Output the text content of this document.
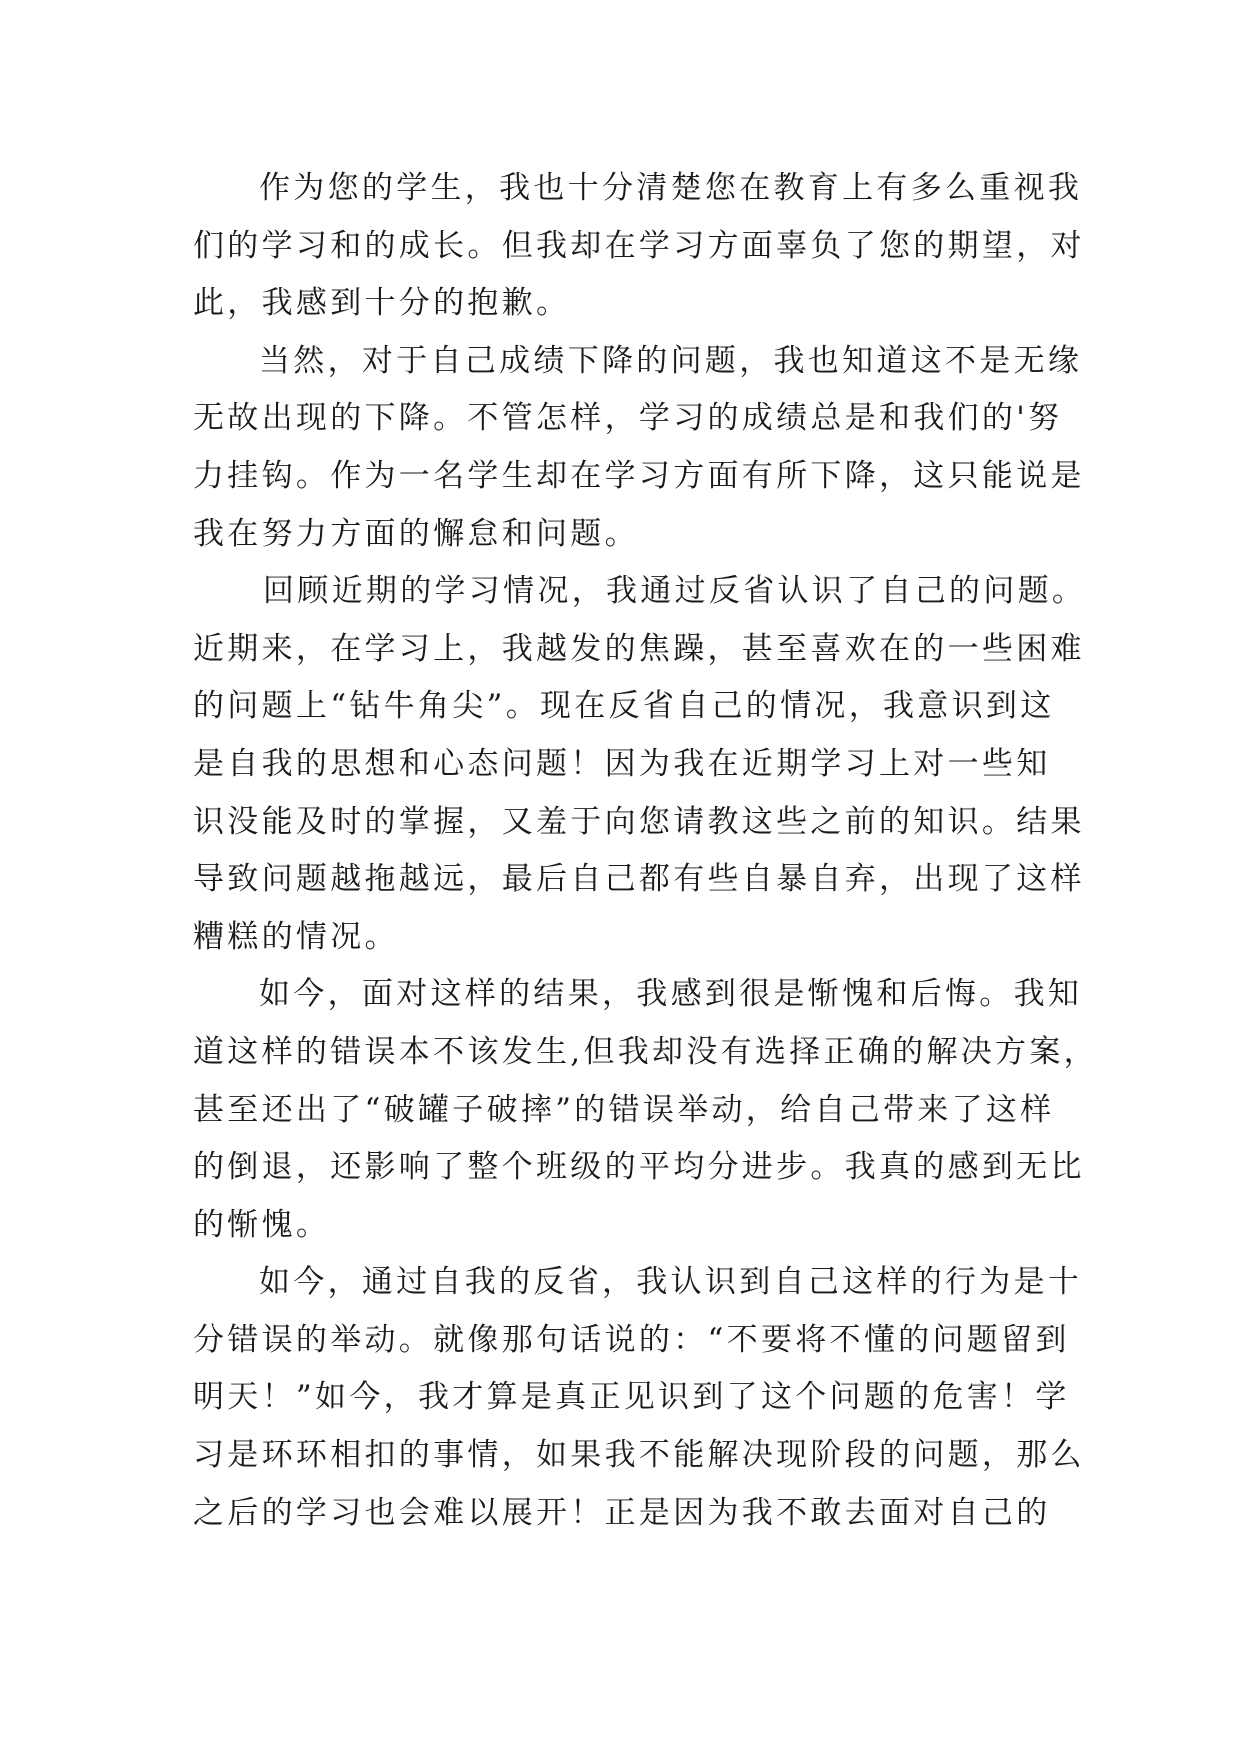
作为您的学生，我也十分清楚您在教育上有多么重视我
们的学习和的成长。但我却在学习方面辜负了您的期望，对
此，我感到十分的抱歉。
当然，对于自己成绩下降的问题，我也知道这不是无缘
无故出现的下降。不管怎样，学习的成绩总是和我们的'努
力挂钩。作为一名学生却在学习方面有所下降，这只能说是
我在努力方面的懈怠和问题。
回顾近期的学习情况，我通过反省认识了自己的问题。
近期来，在学习上，我越发的焦躁，甚至喜欢在的一些困难
的问题上“钻牛角尖”。现在反省自己的情况，我意识到这
是自我的思想和心态问题！因为我在近期学习上对一些知
识没能及时的掌握，又羞于向您请教这些之前的知识。结果
导致问题越拖越远，最后自己都有些自暴自弃，出现了这样
糟糕的情况。
如今，面对这样的结果，我感到很是惭愧和后悔。我知
道这样的错误本不该发生,但我却没有选择正确的解决方案，
甚至还出了“破罐子破摔”的错误举动，给自己带来了这样
的倒退，还影响了整个班级的平均分进步。我真的感到无比
的惭愧。
如今，通过自我的反省，我认识到自己这样的行为是十
分错误的举动。就像那句话说的：“不要将不懂的问题留到
明天！”如今，我才算是真正见识到了这个问题的危害！学
习是环环相扣的事情，如果我不能解决现阶段的问题，那么
之后的学习也会难以展开！正是因为我不敢去面对自己的
